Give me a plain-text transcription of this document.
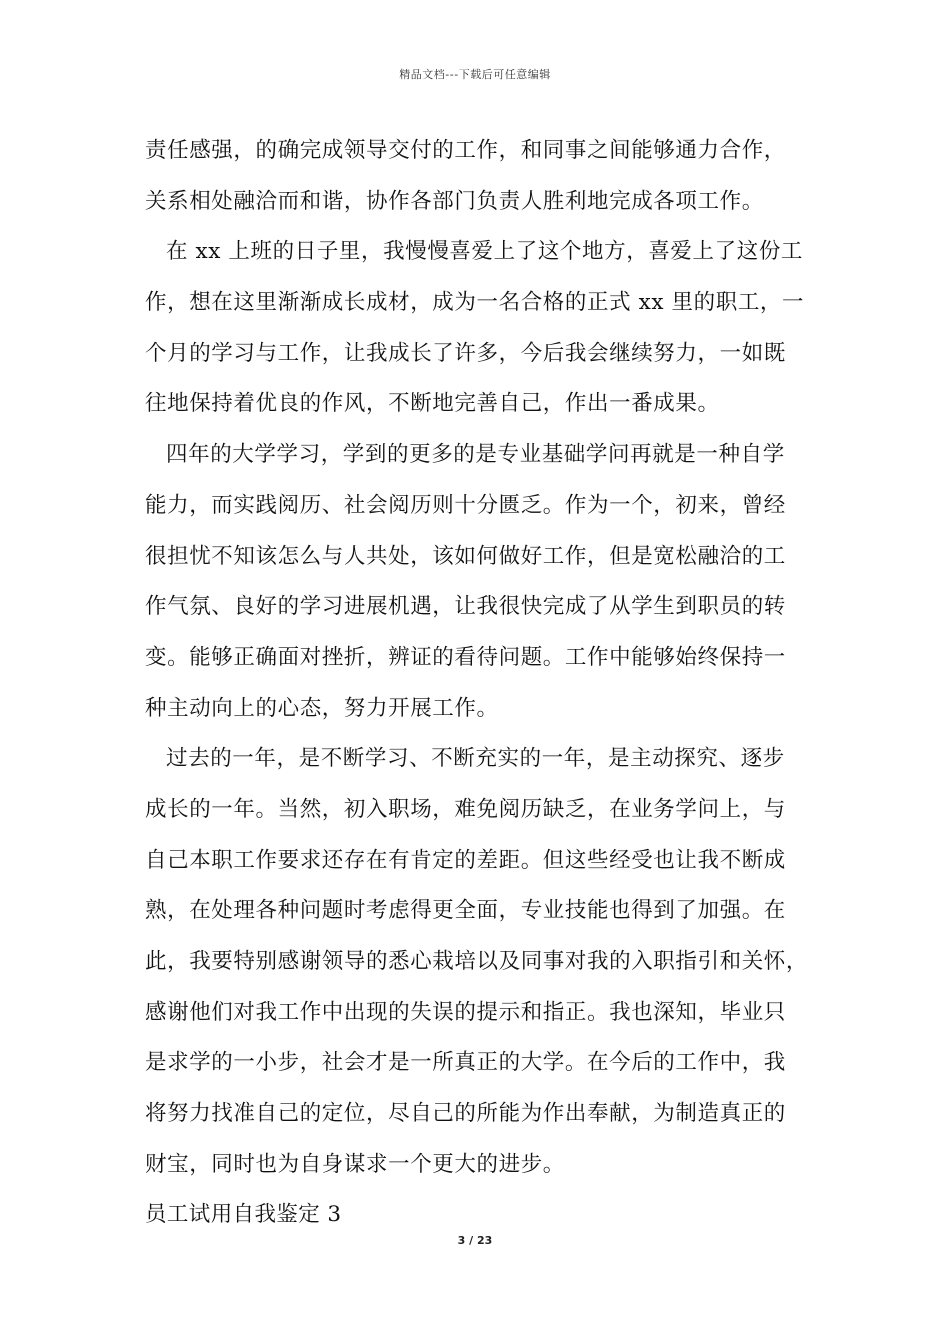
精品文档---下载后可任意编辑
责任感强，的确完成领导交付的工作，和同事之间能够通力合作，
关系相处融洽而和谐，协作各部门负责人胜利地完成各项工作。
在 xx 上班的日子里，我慢慢喜爱上了这个地方，喜爱上了这份工
作，想在这里渐渐成长成材，成为一名合格的正式 xx 里的职工，一
个月的学习与工作，让我成长了许多，今后我会继续努力，一如既
往地保持着优良的作风，不断地完善自己，作出一番成果。
四年的大学学习，学到的更多的是专业基础学问再就是一种自学
能力，而实践阅历、社会阅历则十分匮乏。作为一个，初来，曾经
很担忧不知该怎么与人共处，该如何做好工作，但是宽松融洽的工
作气氛、良好的学习进展机遇，让我很快完成了从学生到职员的转
变。能够正确面对挫折，辨证的看待问题。工作中能够始终保持一
种主动向上的心态，努力开展工作。
过去的一年，是不断学习、不断充实的一年，是主动探究、逐步
成长的一年。当然，初入职场，难免阅历缺乏，在业务学问上，与
自己本职工作要求还存在有肯定的差距。但这些经受也让我不断成
熟，在处理各种问题时考虑得更全面，专业技能也得到了加强。在
此，我要特别感谢领导的悉心栽培以及同事对我的入职指引和关怀，
感谢他们对我工作中出现的失误的提示和指正。我也深知，毕业只
是求学的一小步，社会才是一所真正的大学。在今后的工作中，我
将努力找准自己的定位，尽自己的所能为作出奉献，为制造真正的
财宝，同时也为自身谋求一个更大的进步。
员工试用自我鉴定 3
3 / 23
